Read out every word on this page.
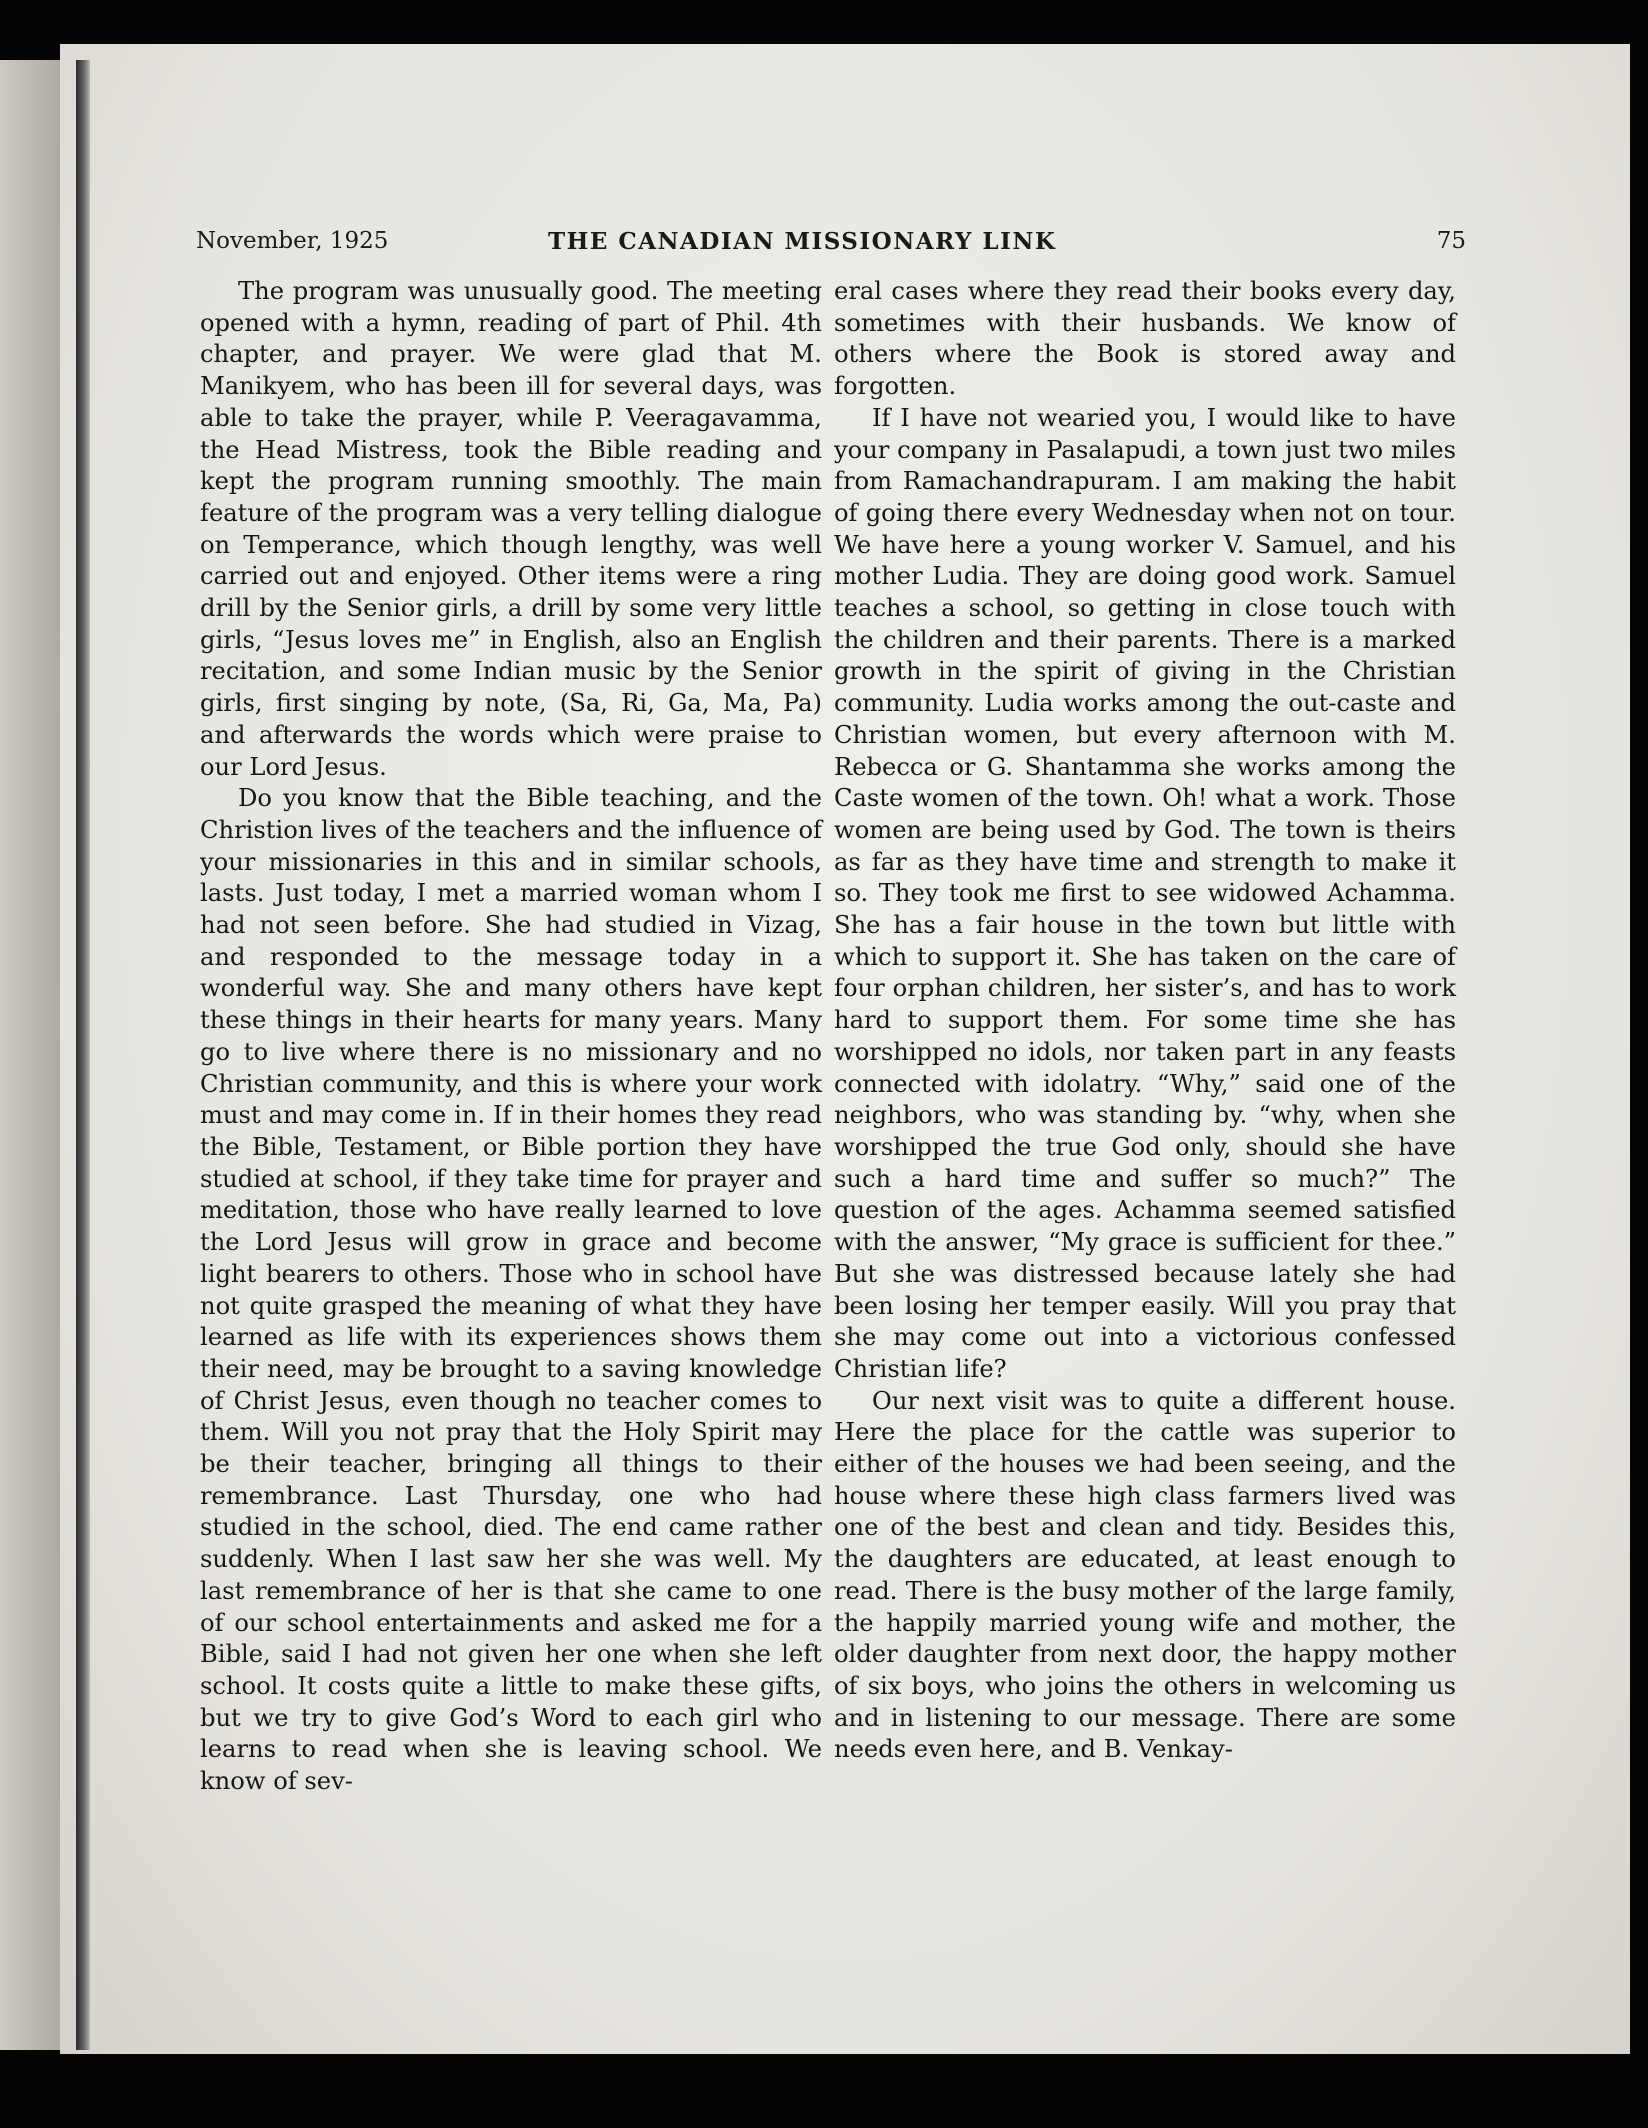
November, 1925	THE CANADIAN MISSIONARY LINK	75

The program was unusually good. The meeting opened with a hymn, reading of part of Phil. 4th chapter, and prayer. We were glad that M. Manikyem, who has been ill for several days, was able to take the prayer, while P. Veeragavamma, the Head Mistress, took the Bible reading and kept the program running smoothly. The main feature of the program was a very telling dialogue on Temperance, which though lengthy, was well carried out and enjoyed. Other items were a ring drill by the Senior girls, a drill by some very little girls, “Jesus loves me” in English, also an English recitation, and some Indian music by the Senior girls, first singing by note, (Sa, Ri, Ga, Ma, Pa) and afterwards the words which were praise to our Lord Jesus.

Do you know that the Bible teaching, and the Christion lives of the teachers and the influence of your missionaries in this and in similar schools, lasts. Just today, I met a married woman whom I had not seen before. She had studied in Vizag, and responded to the message today in a wonderful way. She and many others have kept these things in their hearts for many years. Many go to live where there is no missionary and no Christian community, and this is where your work must and may come in. If in their homes they read the Bible, Testament, or Bible portion they have studied at school, if they take time for prayer and meditation, those who have really learned to love the Lord Jesus will grow in grace and become light bearers to others. Those who in school have not quite grasped the meaning of what they have learned as life with its experiences shows them their need, may be brought to a saving knowledge of Christ Jesus, even though no teacher comes to them. Will you not pray that the Holy Spirit may be their teacher, bringing all things to their remembrance. Last Thursday, one who had studied in the school, died. The end came rather suddenly. When I last saw her she was well. My last remembrance of her is that she came to one of our school entertainments and asked me for a Bible, said I had not given her one when she left school. It costs quite a little to make these gifts, but we try to give God’s Word to each girl who learns to read when she is leaving school. We know of sev-

eral cases where they read their books every day, sometimes with their husbands. We know of others where the Book is stored away and forgotten.

If I have not wearied you, I would like to have your company in Pasalapudi, a town just two miles from Ramachandrapuram. I am making the habit of going there every Wednesday when not on tour. We have here a young worker V. Samuel, and his mother Ludia. They are doing good work. Samuel teaches a school, so getting in close touch with the children and their parents. There is a marked growth in the spirit of giving in the Christian community. Ludia works among the out-caste and Christian women, but every afternoon with M. Rebecca or G. Shantamma she works among the Caste women of the town. Oh! what a work. Those women are being used by God. The town is theirs as far as they have time and strength to make it so. They took me first to see widowed Achamma. She has a fair house in the town but little with which to support it. She has taken on the care of four orphan children, her sister’s, and has to work hard to support them. For some time she has worshipped no idols, nor taken part in any feasts connected with idolatry. “Why,” said one of the neighbors, who was standing by. “why, when she worshipped the true God only, should she have such a hard time and suffer so much?” The question of the ages. Achamma seemed satisfied with the answer, “My grace is sufficient for thee.” But she was distressed because lately she had been losing her temper easily. Will you pray that she may come out into a victorious confessed Christian life?

Our next visit was to quite a different house. Here the place for the cattle was superior to either of the houses we had been seeing, and the house where these high class farmers lived was one of the best and clean and tidy. Besides this, the daughters are educated, at least enough to read. There is the busy mother of the large family, the happily married young wife and mother, the older daughter from next door, the happy mother of six boys, who joins the others in welcoming us and in listening to our message. There are some needs even here, and B. Venkay-
